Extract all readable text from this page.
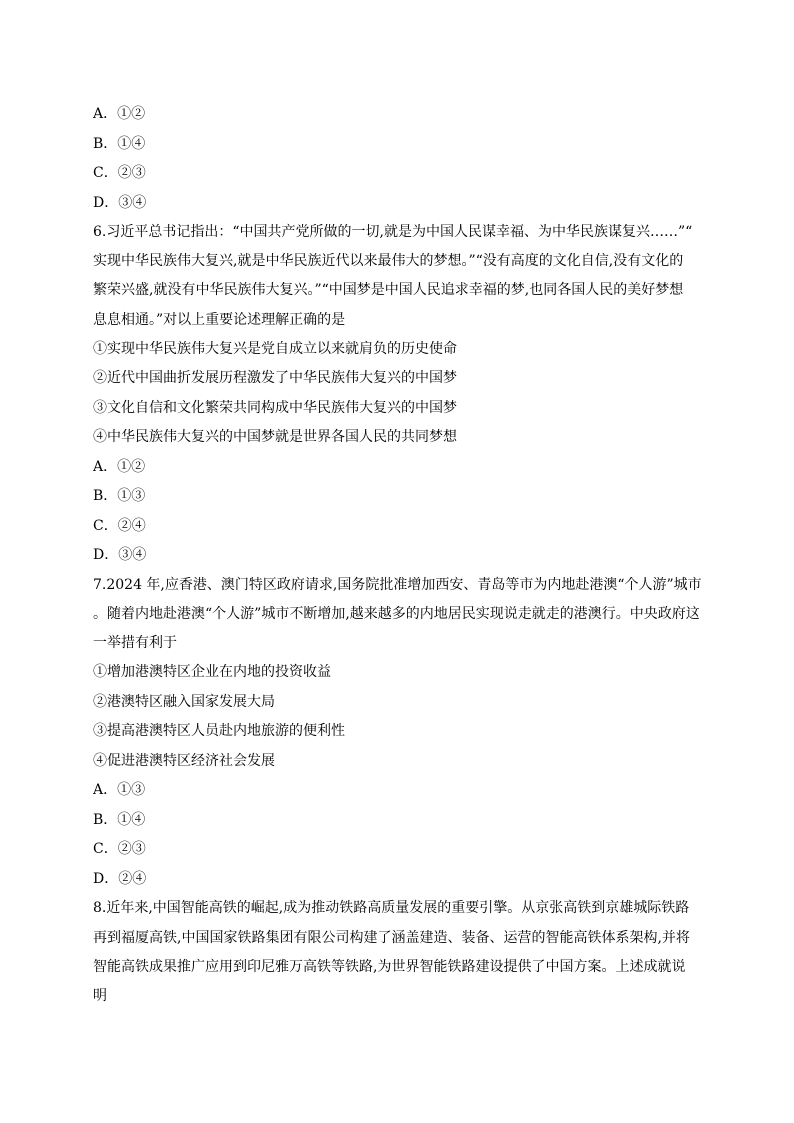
A．①②
B．①④
C．②③
D．③④
6.习近平总书记指出：“中国共产党所做的一切,就是为中国人民谋幸福、为中华民族谋复兴……”“
实现中华民族伟大复兴,就是中华民族近代以来最伟大的梦想。”“没有高度的文化自信,没有文化的
繁荣兴盛,就没有中华民族伟大复兴。”“中国梦是中国人民追求幸福的梦,也同各国人民的美好梦想
息息相通。”对以上重要论述理解正确的是
①实现中华民族伟大复兴是党自成立以来就肩负的历史使命
②近代中国曲折发展历程激发了中华民族伟大复兴的中国梦
③文化自信和文化繁荣共同构成中华民族伟大复兴的中国梦
④中华民族伟大复兴的中国梦就是世界各国人民的共同梦想
A．①②
B．①③
C．②④
D．③④
7.2024 年,应香港、澳门特区政府请求,国务院批准增加西安、青岛等市为内地赴港澳“个人游”城市
。随着内地赴港澳“个人游”城市不断增加,越来越多的内地居民实现说走就走的港澳行。中央政府这
一举措有利于
①增加港澳特区企业在内地的投资收益
②港澳特区融入国家发展大局
③提高港澳特区人员赴内地旅游的便利性
④促进港澳特区经济社会发展
A．①③
B．①④
C．②③
D．②④
8.近年来,中国智能高铁的崛起,成为推动铁路高质量发展的重要引擎。从京张高铁到京雄城际铁路
再到福厦高铁,中国国家铁路集团有限公司构建了涵盖建造、装备、运营的智能高铁体系架构,并将
智能高铁成果推广应用到印尼雅万高铁等铁路,为世界智能铁路建设提供了中国方案。上述成就说
明
